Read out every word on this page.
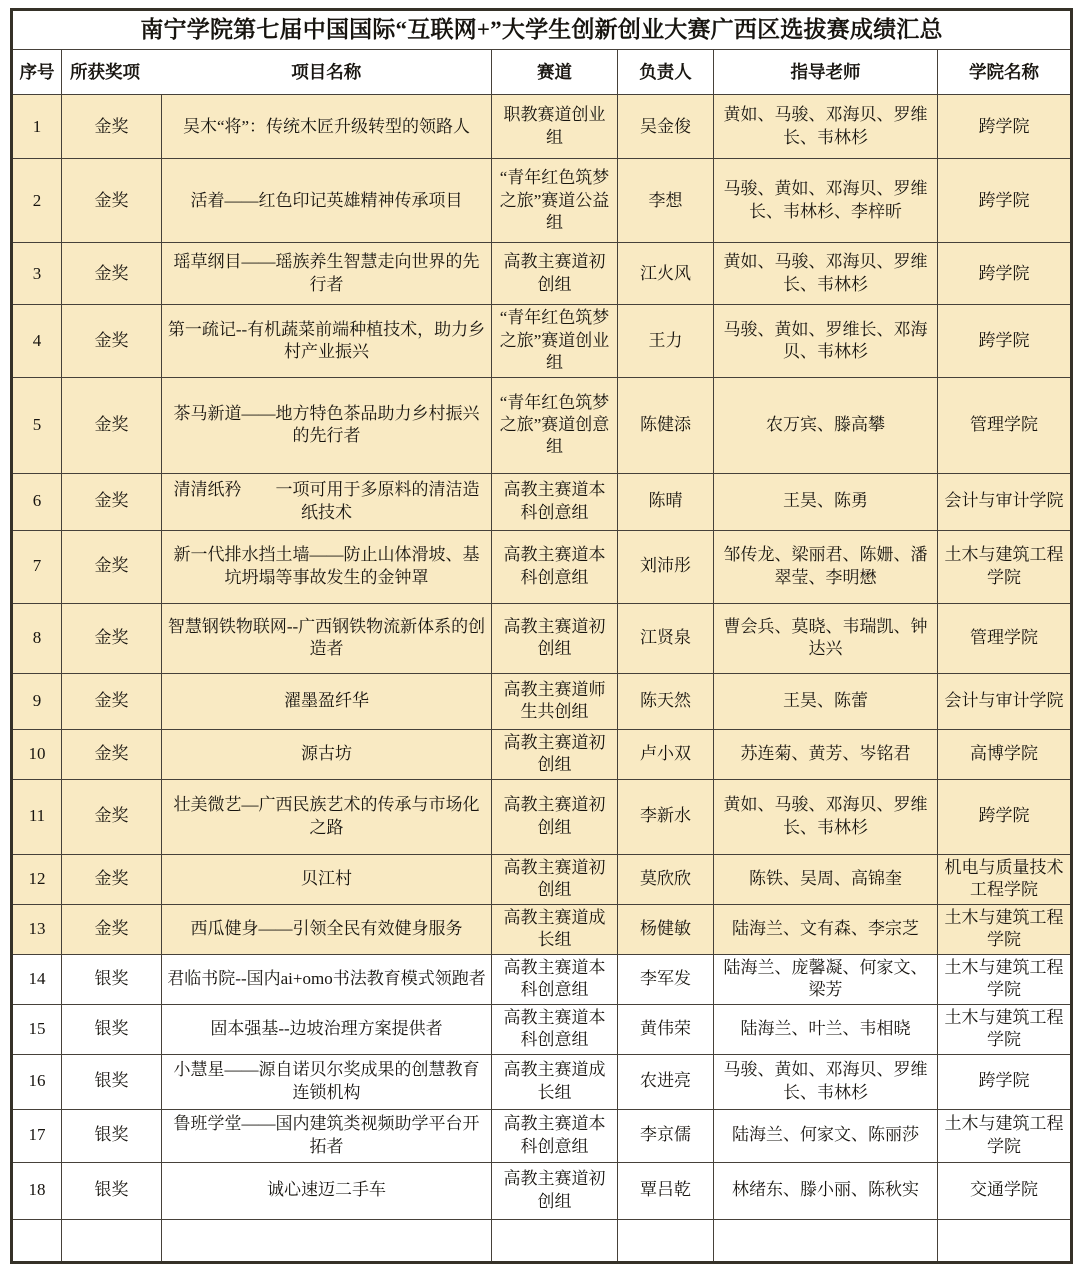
南宁学院第七届中国国际“互联网+”大学生创新创业大赛广西区选拔赛成绩汇总						
序号	所获奖项	项目名称	赛道	负责人	指导老师	学院名称
1	金奖	吴木“将”：传统木匠升级转型的领路人	职教赛道创业组	吴金俊	黄如、马骏、邓海贝、罗维长、韦林杉	跨学院
2	金奖	活着——红色印记英雄精神传承项目	“青年红色筑梦之旅”赛道公益组	李想	马骏、黄如、邓海贝、罗维长、韦林杉、李梓昕	跨学院
3	金奖	瑶草纲目——瑶族养生智慧走向世界的先行者	高教主赛道初创组	江火风	黄如、马骏、邓海贝、罗维长、韦林杉	跨学院
4	金奖	第一疏记--有机蔬菜前端种植技术，助力乡村产业振兴	“青年红色筑梦之旅”赛道创业组	王力	马骏、黄如、罗维长、邓海贝、韦林杉	跨学院
5	金奖	茶马新道——地方特色茶品助力乡村振兴的先行者	“青年红色筑梦之旅”赛道创意组	陈健添	农万宾、滕高攀	管理学院
6	金奖	清清纸矜　　一项可用于多原料的清洁造纸技术	高教主赛道本科创意组	陈晴	王昊、陈勇	会计与审计学院
7	金奖	新一代排水挡土墙——防止山体滑坡、基坑坍塌等事故发生的金钟罩	高教主赛道本科创意组	刘沛彤	邹传龙、梁丽君、陈姗、潘翠莹、李明懋	土木与建筑工程学院
8	金奖	智慧钢铁物联网--广西钢铁物流新体系的创造者	高教主赛道初创组	江贤泉	曹会兵、莫晓、韦瑞凯、钟达兴	管理学院
9	金奖	濯墨盈纤华	高教主赛道师生共创组	陈天然	王昊、陈蕾	会计与审计学院
10	金奖	源古坊	高教主赛道初创组	卢小双	苏连菊、黄芳、岑铭君	高博学院
11	金奖	壮美微艺—广西民族艺术的传承与市场化之路	高教主赛道初创组	李新水	黄如、马骏、邓海贝、罗维长、韦林杉	跨学院
12	金奖	贝江村	高教主赛道初创组	莫欣欣	陈铁、吴周、高锦奎	机电与质量技术工程学院
13	金奖	西瓜健身——引领全民有效健身服务	高教主赛道成长组	杨健敏	陆海兰、文有森、李宗芝	土木与建筑工程学院
14	银奖	君临书院--国内ai+omo书法教育模式领跑者	高教主赛道本科创意组	李军发	陆海兰、庞馨凝、何家文、梁芳	土木与建筑工程学院
15	银奖	固本强基--边坡治理方案提供者	高教主赛道本科创意组	黄伟荣	陆海兰、叶兰、韦相晓	土木与建筑工程学院
16	银奖	小慧星——源自诺贝尔奖成果的创慧教育连锁机构	高教主赛道成长组	农进亮	马骏、黄如、邓海贝、罗维长、韦林杉	跨学院
17	银奖	鲁班学堂——国内建筑类视频助学平台开拓者	高教主赛道本科创意组	李京儒	陆海兰、何家文、陈丽莎	土木与建筑工程学院
18	银奖	诚心速迈二手车	高教主赛道初创组	覃吕乾	林绪东、滕小丽、陈秋实	交通学院
